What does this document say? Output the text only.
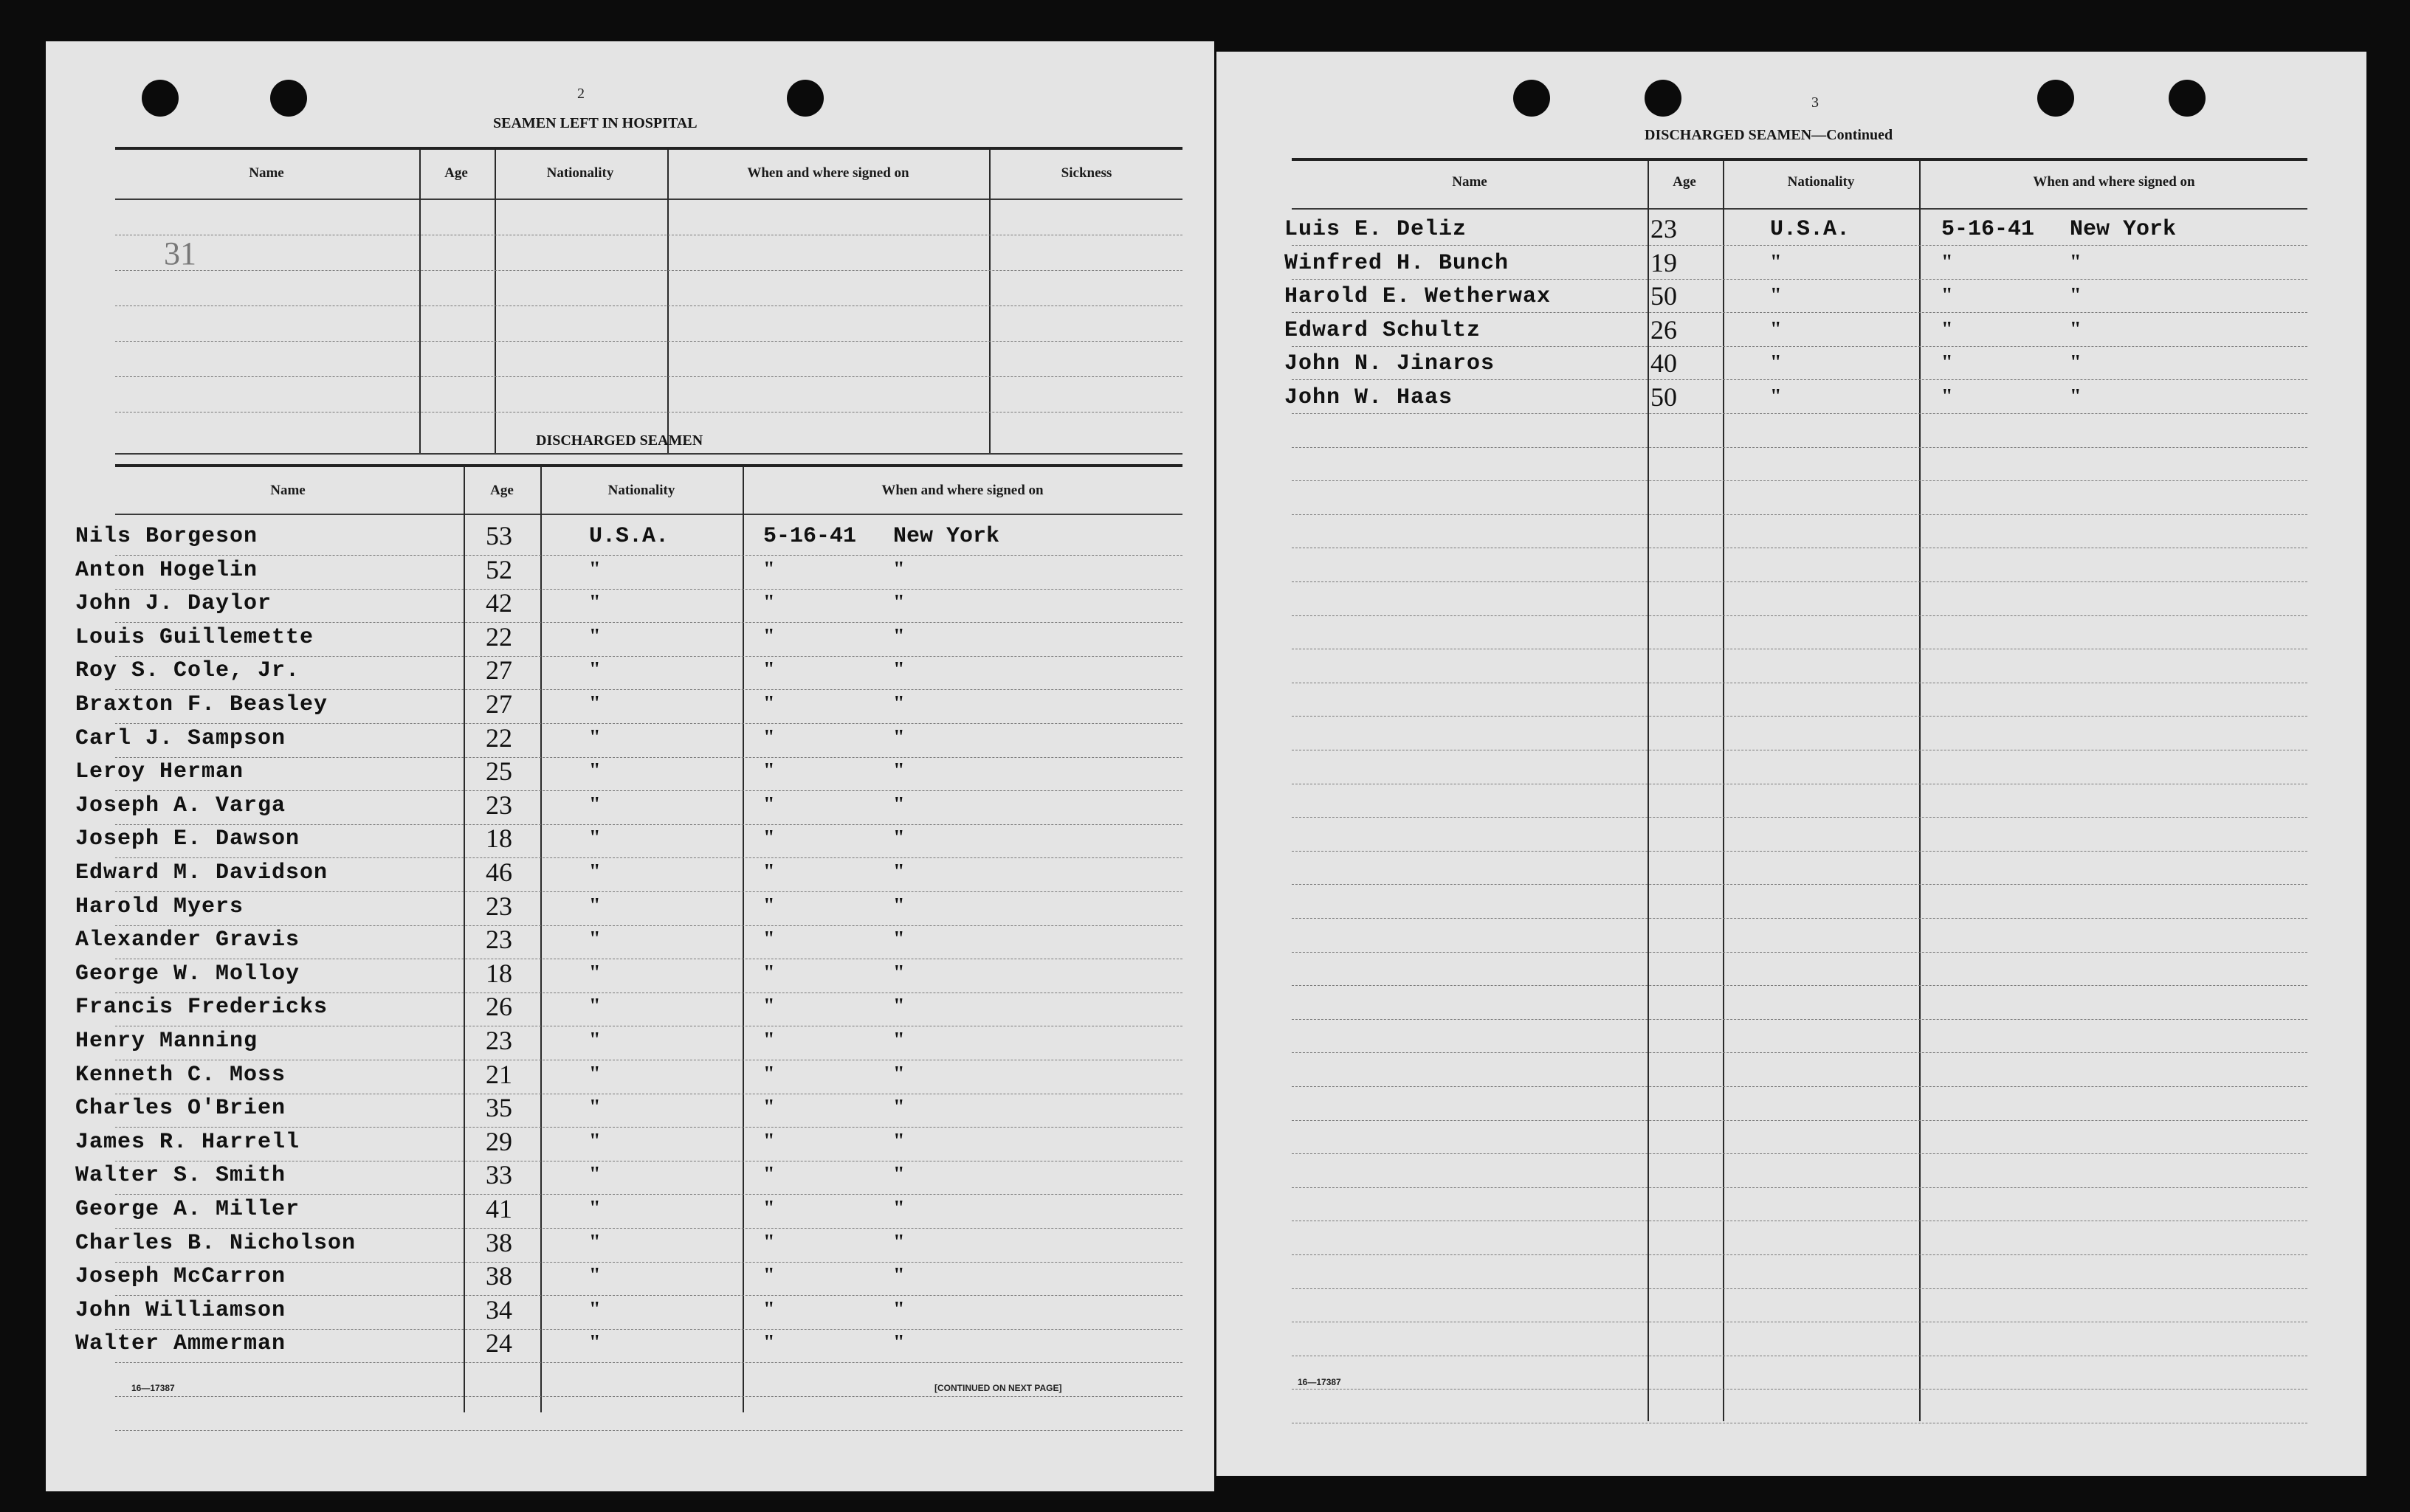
2
SEAMEN LEFT IN HOSPITAL
Name	Age	Nationality	When and where signed on	Sickness
31
DISCHARGED SEAMEN
Name	Age	Nationality	When and where signed on
Nils Borgeson	53	U.S.A.	5-16-41 New York
Anton Hogelin	52	"	"	"
John J. Daylor	42	"	"	"
Louis Guillemette	22	"	"	"
Roy S. Cole, Jr.	27	"	"	"
Braxton F. Beasley	27	"	"	"
Carl J. Sampson	22	"	"	"
Leroy Herman	25	"	"	"
Joseph A. Varga	23	"	"	"
Joseph E. Dawson	18	"	"	"
Edward M. Davidson	46	"	"	"
Harold Myers	23	"	"	"
Alexander Gravis	23	"	"	"
George W. Molloy	18	"	"	"
Francis Fredericks	26	"	"	"
Henry Manning	23	"	"	"
Kenneth C. Moss	21	"	"	"
Charles O'Brien	35	"	"	"
James R. Harrell	29	"	"	"
Walter S. Smith	33	"	"	"
George A. Miller	41	"	"	"
Charles B. Nicholson	38	"	"	"
Joseph McCarron	38	"	"	"
John Williamson	34	"	"	"
Walter Ammerman	24	"	"	"
16—17387	[CONTINUED ON NEXT PAGE]
3
DISCHARGED SEAMEN—Continued
Name	Age	Nationality	When and where signed on
Luis E. Deliz	23	U.S.A.	5-16-41 New York
Winfred H. Bunch	19	"	"	"
Harold E. Wetherwax	50	"	"	"
Edward Schultz	26	"	"	"
John N. Jinaros	40	"	"	"
John W. Haas	50	"	"	"
16—17387
